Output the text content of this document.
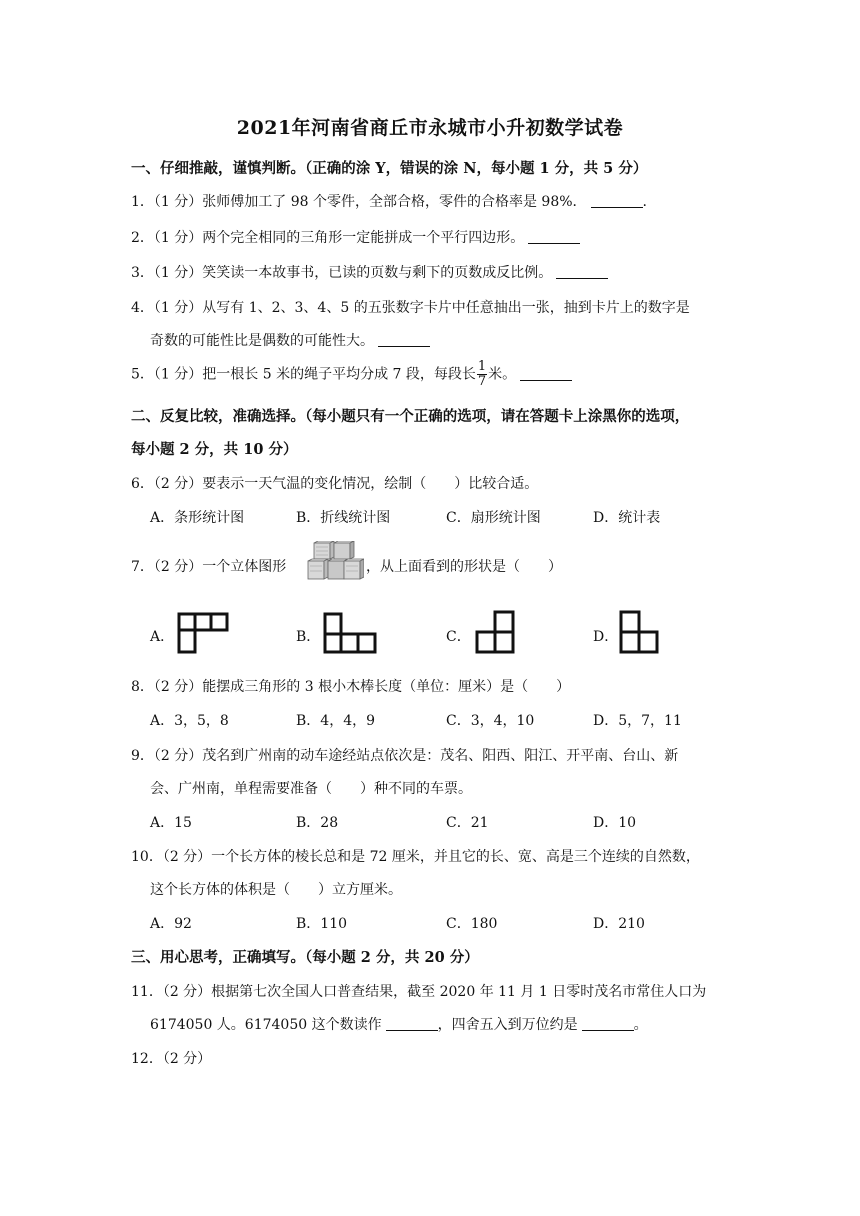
2021年河南省商丘市永城市小升初数学试卷
一、仔细推敲，谨慎判断。（正确的涂 Y，错误的涂 N，每小题 1 分，共 5 分）
1．（1 分）张师傅加工了 98 个零件，全部合格，零件的合格率是 98%．	.
2．（1 分）两个完全相同的三角形一定能拼成一个平行四边形。
3．（1 分）笑笑读一本故事书，已读的页数与剩下的页数成反比例。
4．（1 分）从写有 1、2、3、4、5 的五张数字卡片中任意抽出一张，抽到卡片上的数字是
奇数的可能性比是偶数的可能性大。
5．（1 分）把一根长 5 米的绳子平均分成 7 段，每段长 $\frac{1}{7}$ 米。
二、反复比较，准确选择。（每小题只有一个正确的选项，请在答题卡上涂黑你的选项，
每小题 2 分，共 10 分）
6．（2 分）要表示一天气温的变化情况，绘制（　　）比较合适。
A．条形统计图	B．折线统计图	C．扇形统计图	D．统计表
7．（2 分）一个立体图形	，从上面看到的形状是（　　）
A．	B．	C．	D．
8．（2 分）能摆成三角形的 3 根小木棒长度（单位：厘米）是（　　）
A．3，5，8	B．4，4，9	C．3，4，10	D．5，7，11
9．（2 分）茂名到广州南的动车途经站点依次是：茂名、阳西、阳江、开平南、台山、新
会、广州南，单程需要准备（　　）种不同的车票。
A．15	B．28	C．21	D．10
10．（2 分）一个长方体的棱长总和是 72 厘米，并且它的长、宽、高是三个连续的自然数，
这个长方体的体积是（　　）立方厘米。
A．92	B．110	C．180	D．210
三、用心思考，正确填写。（每小题 2 分，共 20 分）
11．（2 分）根据第七次全国人口普查结果，截至 2020 年 11 月 1 日零时茂名市常住人口为
6174050 人。6174050 这个数读作	，四舍五入到万位约是	。
12．（2 分）
